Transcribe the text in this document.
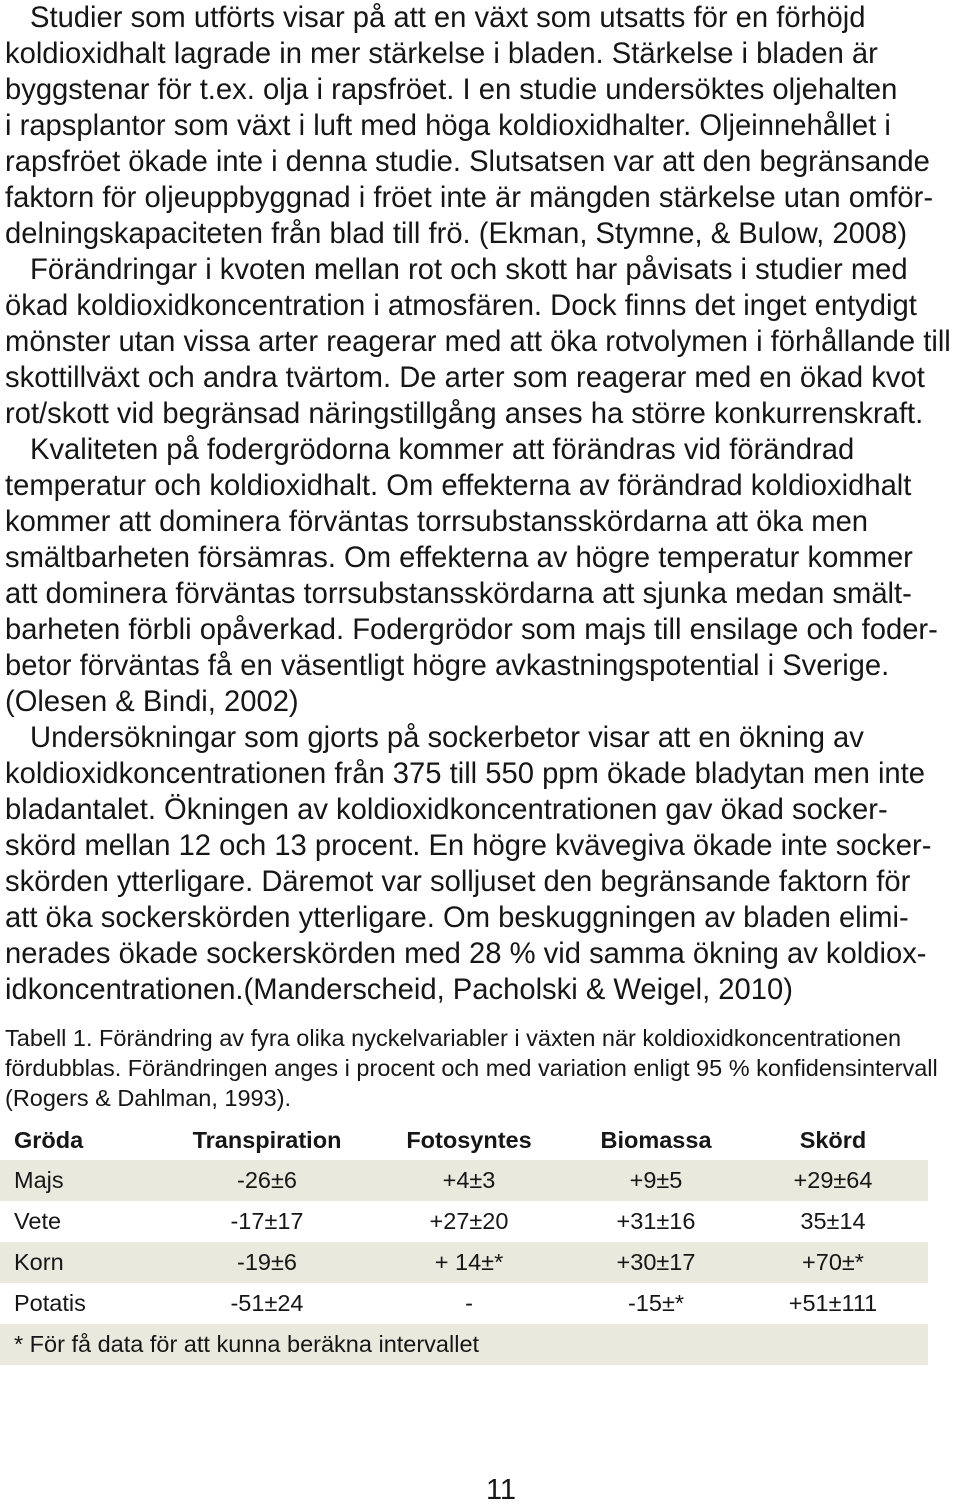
Studier som utförts visar på att en växt som utsatts för en förhöjd
koldioxidhalt lagrade in mer stärkelse i bladen. Stärkelse i bladen är
byggstenar för t.ex. olja i rapsfröet. I en studie undersöktes oljehalten
i rapsplantor som växt i luft med höga koldioxidhalter. Oljeinnehållet i
rapsfröet ökade inte i denna studie. Slutsatsen var att den begränsande
faktorn för oljeuppbyggnad i fröet inte är mängden stärkelse utan omför-
delningskapaciteten från blad till frö. (Ekman, Stymne, & Bulow, 2008)
Förändringar i kvoten mellan rot och skott har påvisats i studier med
ökad koldioxidkoncentration i atmosfären. Dock finns det inget entydigt
mönster utan vissa arter reagerar med att öka rotvolymen i förhållande till
skottillväxt och andra tvärtom. De arter som reagerar med en ökad kvot
rot/skott vid begränsad näringstillgång anses ha större konkurrenskraft.
Kvaliteten på fodergrödorna kommer att förändras vid förändrad
temperatur och koldioxidhalt. Om effekterna av förändrad koldioxidhalt
kommer att dominera förväntas torrsubstansskördarna att öka men
smältbarheten försämras. Om effekterna av högre temperatur kommer
att dominera förväntas torrsubstansskördarna att sjunka medan smält-
barheten förbli opåverkad. Fodergrödor som majs till ensilage och foder-
betor förväntas få en väsentligt högre avkastningspotential i Sverige.
(Olesen & Bindi, 2002)
Undersökningar som gjorts på sockerbetor visar att en ökning av
koldioxidkoncentrationen från 375 till 550 ppm ökade bladytan men inte
bladantalet. Ökningen av koldioxidkoncentrationen gav ökad socker-
skörd mellan 12 och 13 procent. En högre kvävegiva ökade inte socker-
skörden ytterligare. Däremot var solljuset den begränsande faktorn för
att öka sockerskörden ytterligare. Om beskuggningen av bladen elimi-
nerades ökade sockerskörden med 28 % vid samma ökning av koldiox-
idkoncentrationen.(Manderscheid, Pacholski & Weigel, 2010)
Tabell 1. Förändring av fyra olika nyckelvariabler i växten när koldioxidkoncentrationen
fördubblas. Förändringen anges i procent och med variation enligt 95 % konfidensintervall
(Rogers & Dahlman, 1993).
Gröda	Transpiration	Fotosyntes	Biomassa	Skörd
Majs	-26±6	+4±3	+9±5	+29±64
Vete	-17±17	+27±20	+31±16	35±14
Korn	-19±6	+ 14±*	+30±17	+70±*
Potatis	-51±24	-	-15±*	+51±111
* För få data för att kunna beräkna intervallet
11
